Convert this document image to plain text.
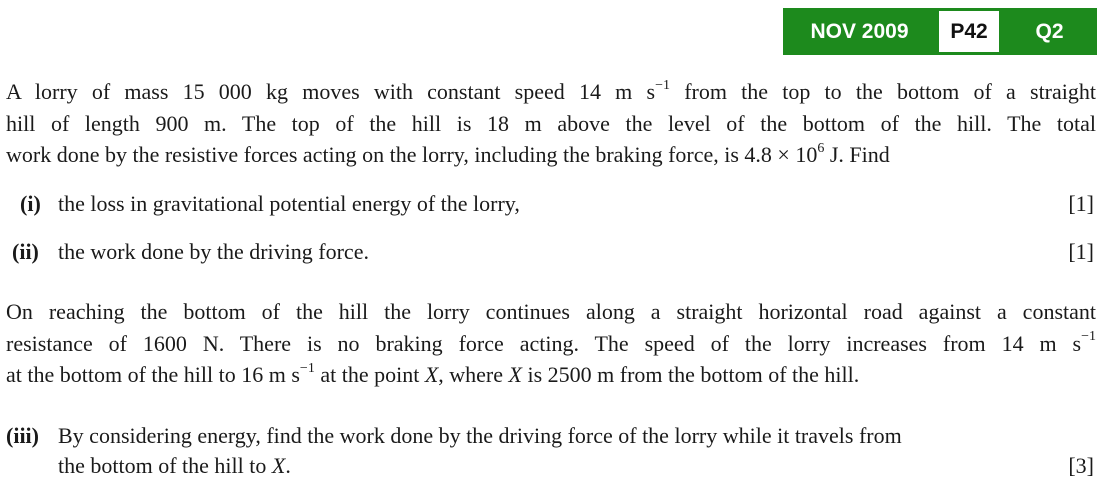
NOV 2009	P42	Q2
A lorry of mass 15 000 kg moves with constant speed 14 m $s^{-1}$ from the top to the bottom of a straight
hill of length 900 m. The top of the hill is 18 m above the level of the bottom of the hill. The total
work done by the resistive forces acting on the lorry, including the braking force, is $4.8 \times 10^6$ J. Find
(i) the loss in gravitational potential energy of the lorry,	[1]
(ii) the work done by the driving force.	[1]
On reaching the bottom of the hill the lorry continues along a straight horizontal road against a constant
resistance of 1600 N. There is no braking force acting. The speed of the lorry increases from 14 m $s^{-1}$
at the bottom of the hill to 16 m $s^{-1}$ at the point X, where X is 2500 m from the bottom of the hill.
(iii) By considering energy, find the work done by the driving force of the lorry while it travels from
the bottom of the hill to X.	[3]
